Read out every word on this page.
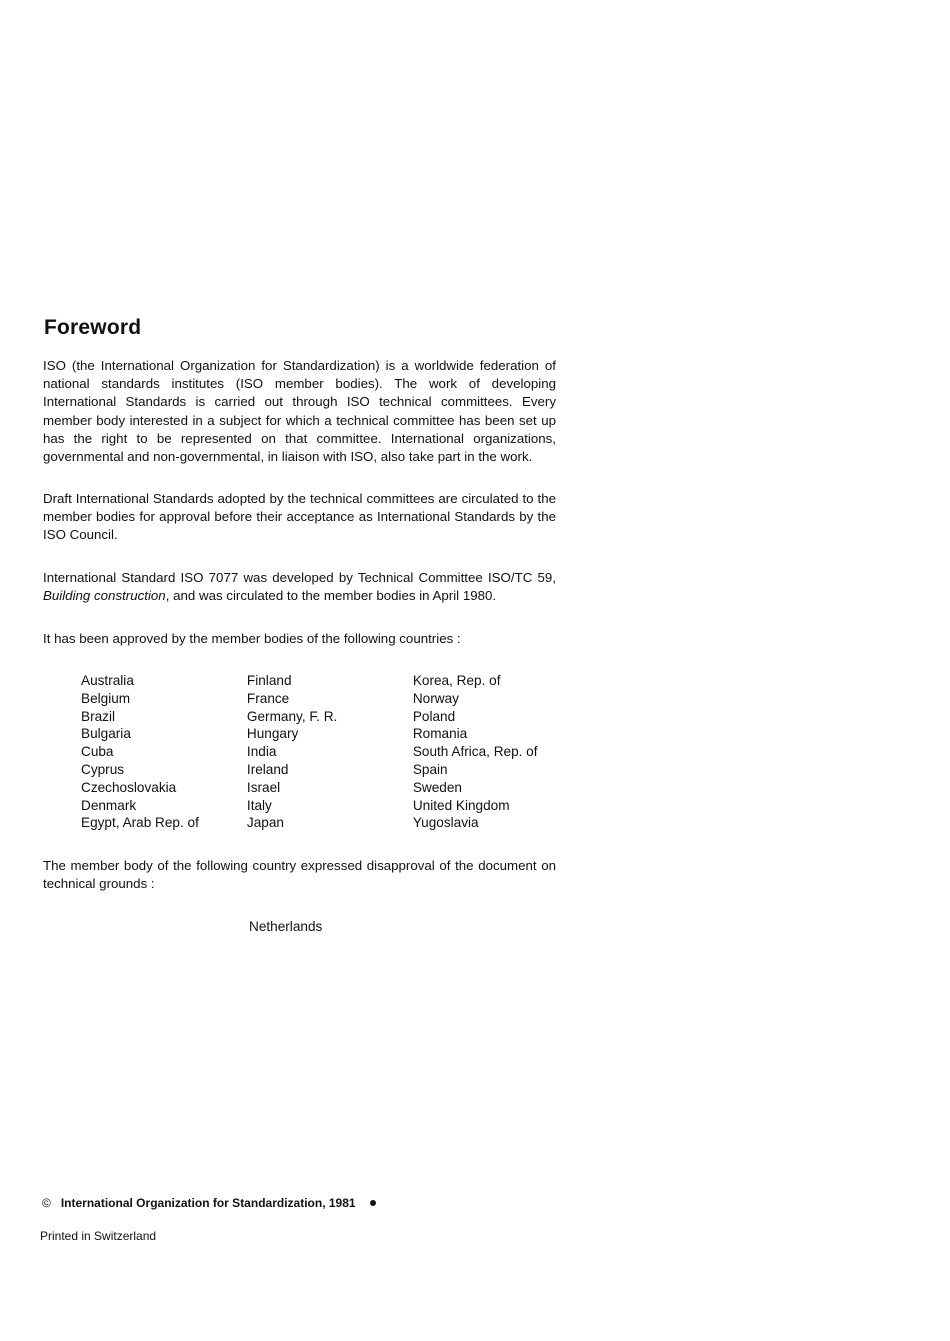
Foreword

ISO (the International Organization for Standardization) is a worldwide federation of national standards institutes (ISO member bodies). The work of developing International Standards is carried out through ISO technical committees. Every member body interested in a subject for which a technical committee has been set up has the right to be represented on that committee. International organizations, governmental and non-governmental, in liaison with ISO, also take part in the work.

Draft International Standards adopted by the technical committees are circulated to the member bodies for approval before their acceptance as International Standards by the ISO Council.

International Standard ISO 7077 was developed by Technical Committee ISO/TC 59, Building construction, and was circulated to the member bodies in April 1980.

It has been approved by the member bodies of the following countries :

Australia
Belgium
Brazil
Bulgaria
Cuba
Cyprus
Czechoslovakia
Denmark
Egypt, Arab Rep. of
Finland
France
Germany, F. R.
Hungary
India
Ireland
Israel
Italy
Japan
Korea, Rep. of
Norway
Poland
Romania
South Africa, Rep. of
Spain
Sweden
United Kingdom
Yugoslavia

The member body of the following country expressed disapproval of the document on technical grounds :

Netherlands

© International Organization for Standardization, 1981

Printed in Switzerland
